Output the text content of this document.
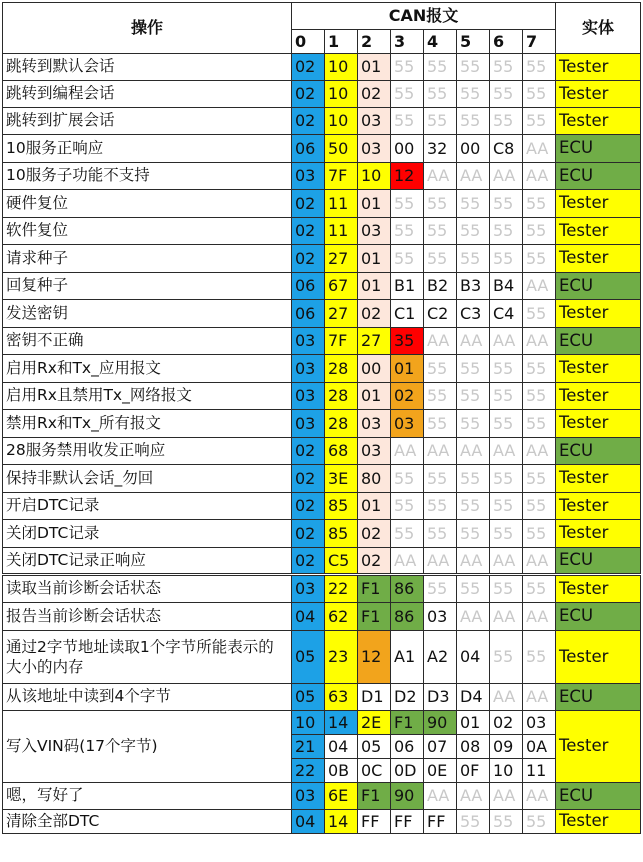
操作	CAN报文								实体
	0	1	2	3	4	5	6	7	
跳转到默认会话	02	10	01	55	55	55	55	55	Tester
跳转到编程会话	02	10	02	55	55	55	55	55	Tester
跳转到扩展会话	02	10	03	55	55	55	55	55	Tester
10服务正响应	06	50	03	00	32	00	C8	AA	ECU
10服务子功能不支持	03	7F	10	12	AA	AA	AA	AA	ECU
硬件复位	02	11	01	55	55	55	55	55	Tester
软件复位	02	11	03	55	55	55	55	55	Tester
请求种子	02	27	01	55	55	55	55	55	Tester
回复种子	06	67	01	B1	B2	B3	B4	AA	ECU
发送密钥	06	27	02	C1	C2	C3	C4	55	Tester
密钥不正确	03	7F	27	35	AA	AA	AA	AA	ECU
启用Rx和Tx_应用报文	03	28	00	01	55	55	55	55	Tester
启用Rx且禁用Tx_网络报文	03	28	01	02	55	55	55	55	Tester
禁用Rx和Tx_所有报文	03	28	03	03	55	55	55	55	Tester
28服务禁用收发正响应	02	68	03	AA	AA	AA	AA	AA	ECU
保持非默认会话_勿回	02	3E	80	55	55	55	55	55	Tester
开启DTC记录	02	85	01	55	55	55	55	55	Tester
关闭DTC记录	02	85	02	55	55	55	55	55	Tester
关闭DTC记录正响应	02	C5	02	AA	AA	AA	AA	AA	ECU
读取当前诊断会话状态	03	22	F1	86	55	55	55	55	Tester
报告当前诊断会话状态	04	62	F1	86	03	AA	AA	AA	ECU
通过2字节地址读取1个字节所能表示的大小的内存	05	23	12	A1	A2	04	55	55	Tester
从该地址中读到4个字节	05	63	D1	D2	D3	D4	AA	AA	ECU
写入VIN码(17个字节)	10	14	2E	F1	90	01	02	03	Tester
	21	04	05	06	07	08	09	0A	
	22	0B	0C	0D	0E	0F	10	11	
嗯，写好了	03	6E	F1	90	AA	AA	AA	AA	ECU
清除全部DTC	04	14	FF	FF	FF	55	55	55	Tester
